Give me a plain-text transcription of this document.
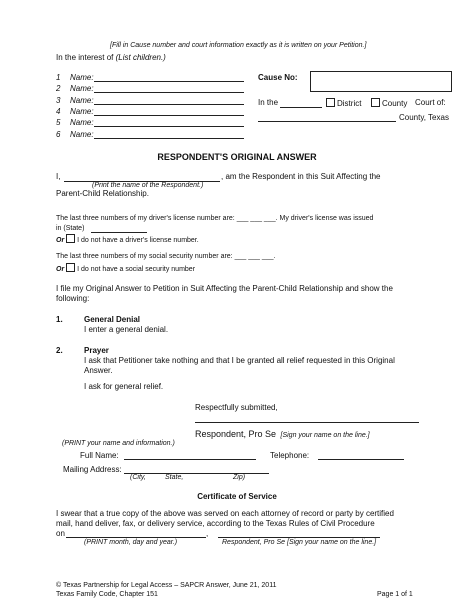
[Fill in Cause number and court information exactly as it is written on your Petition.]
In the interest of (List children.)
1 Name:
2 Name:
3 Name:
4 Name:
5 Name:
6 Name:
Cause No:
In the	District	County Court of:
County, Texas
RESPONDENT'S ORIGINAL ANSWER
I,	, am the Respondent in this Suit Affecting the
(Print the name of the Respondent.)
Parent-Child Relationship.
The last three numbers of my driver's license number are: ___ ___ ___. My driver's license was issued
in (State)
Or I do not have a driver's license number.
The last three numbers of my social security number are: ___ ___ ___.
Or I do not have a social security number
I file my Original Answer to Petition in Suit Affecting the Parent-Child Relationship and show the
following:
1.	General Denial
I enter a general denial.
2.	Prayer
I ask that Petitioner take nothing and that I be granted all relief requested in this Original
Answer.
I ask for general relief.
Respectfully submitted,
Respondent, Pro Se [Sign your name on the line.]
(PRINT your name and information.)
Full Name:	Telephone:
Mailing Address:
(City,	State,	Zip)
Certificate of Service
I swear that a true copy of the above was served on each attorney of record or party by certified
mail, hand deliver, fax, or delivery service, according to the Texas Rules of Civil Procedure
on	,
(PRINT month, day and year.)	Respondent, Pro Se [Sign your name on the line.]
© Texas Partnership for Legal Access – SAPCR Answer, June 21, 2011
Texas Family Code, Chapter 151	Page 1 of 1
